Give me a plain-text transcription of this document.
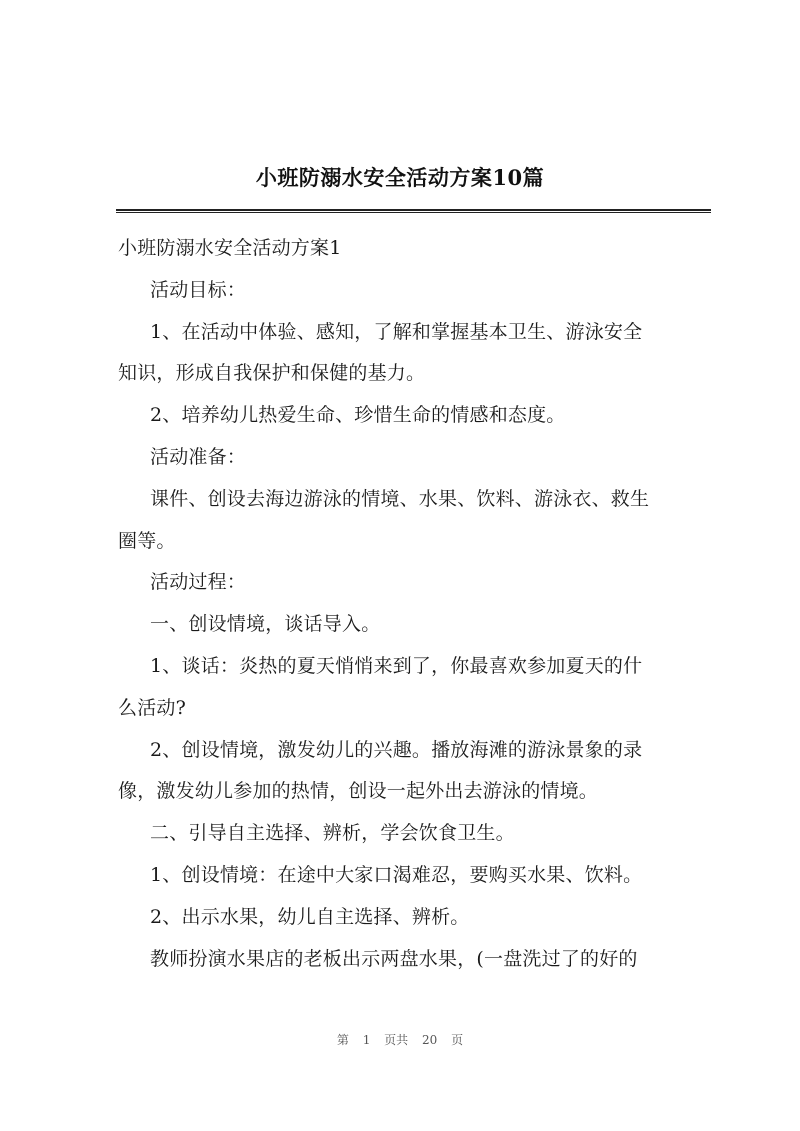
小班防溺水安全活动方案10篇
小班防溺水安全活动方案1
活动目标：
1、在活动中体验、感知，了解和掌握基本卫生、游泳安全
知识，形成自我保护和保健的基力。
2、培养幼儿热爱生命、珍惜生命的情感和态度。
活动准备：
课件、创设去海边游泳的情境、水果、饮料、游泳衣、救生
圈等。
活动过程：
一、创设情境，谈话导入。
1、谈话：炎热的夏天悄悄来到了，你最喜欢参加夏天的什
么活动?
2、创设情境，激发幼儿的兴趣。播放海滩的游泳景象的录
像，激发幼儿参加的热情，创设一起外出去游泳的情境。
二、引导自主选择、辨析，学会饮食卫生。
1、创设情境：在途中大家口渴难忍，要购买水果、饮料。
2、出示水果，幼儿自主选择、辨析。
教师扮演水果店的老板出示两盘水果，(一盘洗过了的好的
第 1 页共 20 页
